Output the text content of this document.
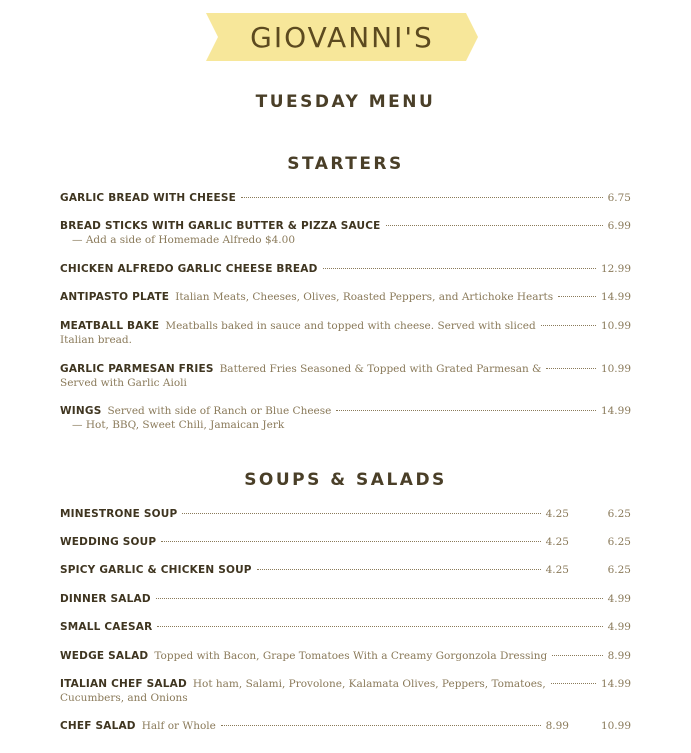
GIOVANNI'S
TUESDAY MENU
STARTERS
GARLIC BREAD WITH CHEESE	6.75
BREAD STICKS WITH GARLIC BUTTER & PIZZA SAUCE	6.99
— Add a side of Homemade Alfredo $4.00
CHICKEN ALFREDO GARLIC CHEESE BREAD	12.99
ANTIPASTO PLATE Italian Meats, Cheeses, Olives, Roasted Peppers, and Artichoke Hearts	14.99
MEATBALL BAKE Meatballs baked in sauce and topped with cheese. Served with sliced	10.99
Italian bread.
GARLIC PARMESAN FRIES Battered Fries Seasoned & Topped with Grated Parmesan &	10.99
Served with Garlic Aioli
WINGS Served with side of Ranch or Blue Cheese	14.99
— Hot, BBQ, Sweet Chili, Jamaican Jerk
SOUPS & SALADS
MINESTRONE SOUP	4.25	6.25
WEDDING SOUP	4.25	6.25
SPICY GARLIC & CHICKEN SOUP	4.25	6.25
DINNER SALAD	4.99
SMALL CAESAR	4.99
WEDGE SALAD Topped with Bacon, Grape Tomatoes With a Creamy Gorgonzola Dressing	8.99
ITALIAN CHEF SALAD Hot ham, Salami, Provolone, Kalamata Olives, Peppers, Tomatoes,	14.99
Cucumbers, and Onions
CHEF SALAD Half or Whole	8.99	10.99
